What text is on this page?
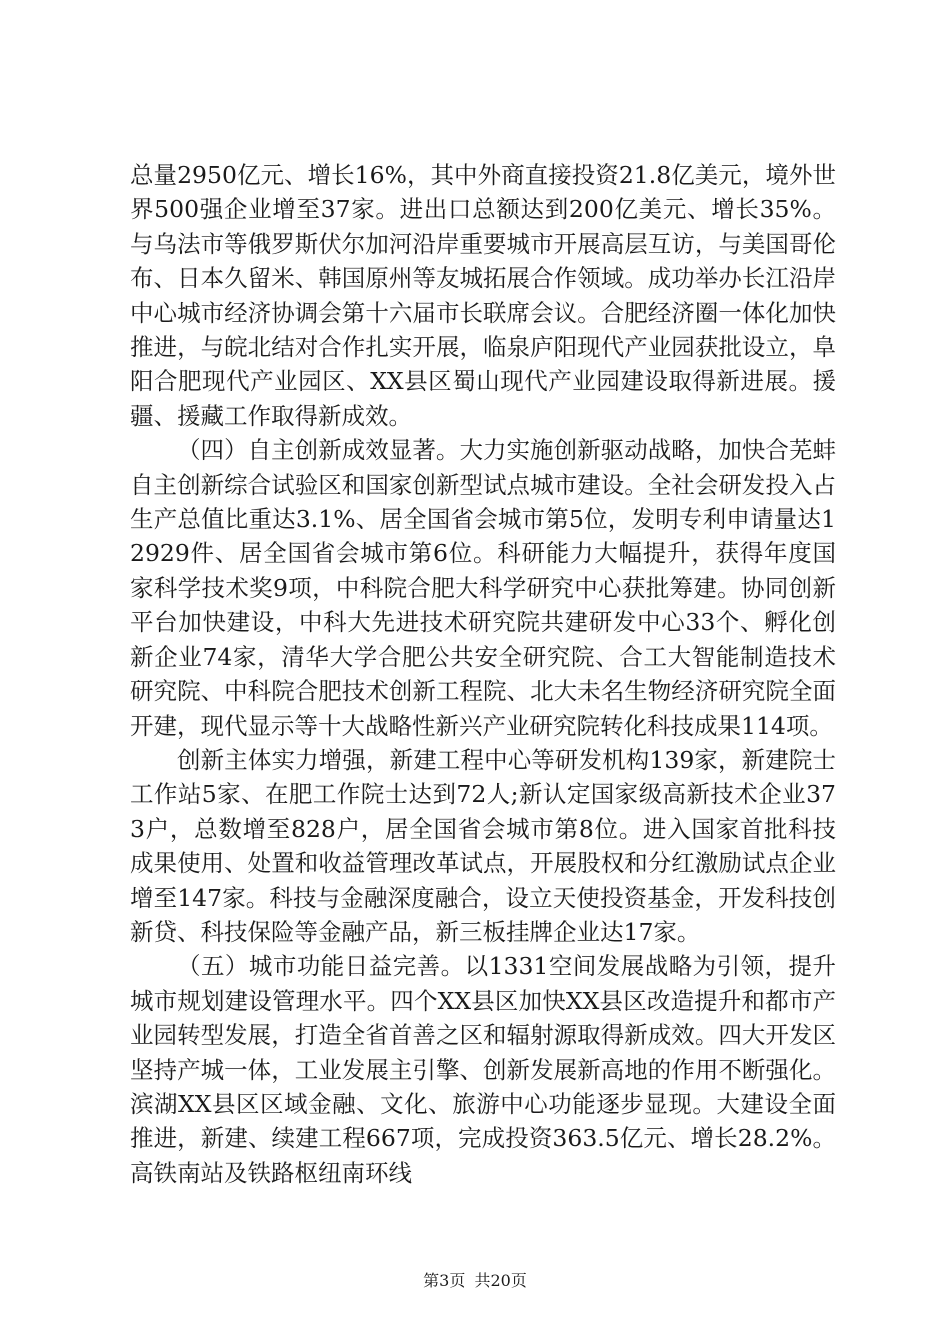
总量2950亿元、增长16%，其中外商直接投资21.8亿美元，境外世界500强企业增至37家。进出口总额达到200亿美元、增长35%。与乌法市等俄罗斯伏尔加河沿岸重要城市开展高层互访，与美国哥伦布、日本久留米、韩国原州等友城拓展合作领域。成功举办长江沿岸中心城市经济协调会第十六届市长联席会议。合肥经济圈一体化加快推进，与皖北结对合作扎实开展，临泉庐阳现代产业园获批设立，阜阳合肥现代产业园区、XX县区蜀山现代产业园建设取得新进展。援疆、援藏工作取得新成效。

（四）自主创新成效显著。大力实施创新驱动战略，加快合芜蚌自主创新综合试验区和国家创新型试点城市建设。全社会研发投入占生产总值比重达3.1%、居全国省会城市第5位，发明专利申请量达12929件、居全国省会城市第6位。科研能力大幅提升，获得年度国家科学技术奖9项，中科院合肥大科学研究中心获批筹建。协同创新平台加快建设，中科大先进技术研究院共建研发中心33个、孵化创新企业74家，清华大学合肥公共安全研究院、合工大智能制造技术研究院、中科院合肥技术创新工程院、北大未名生物经济研究院全面开建，现代显示等十大战略性新兴产业研究院转化科技成果114项。

创新主体实力增强，新建工程中心等研发机构139家，新建院士工作站5家、在肥工作院士达到72人;新认定国家级高新技术企业373户，总数增至828户，居全国省会城市第8位。进入国家首批科技成果使用、处置和收益管理改革试点，开展股权和分红激励试点企业增至147家。科技与金融深度融合，设立天使投资基金，开发科技创新贷、科技保险等金融产品，新三板挂牌企业达17家。

（五）城市功能日益完善。以1331空间发展战略为引领，提升城市规划建设管理水平。四个XX县区加快XX县区改造提升和都市产业园转型发展，打造全省首善之区和辐射源取得新成效。四大开发区坚持产城一体，工业发展主引擎、创新发展新高地的作用不断强化。滨湖XX县区区域金融、文化、旅游中心功能逐步显现。大建设全面推进，新建、续建工程667项，完成投资363.5亿元、增长28.2%。高铁南站及铁路枢纽南环线

第3页 共20页
